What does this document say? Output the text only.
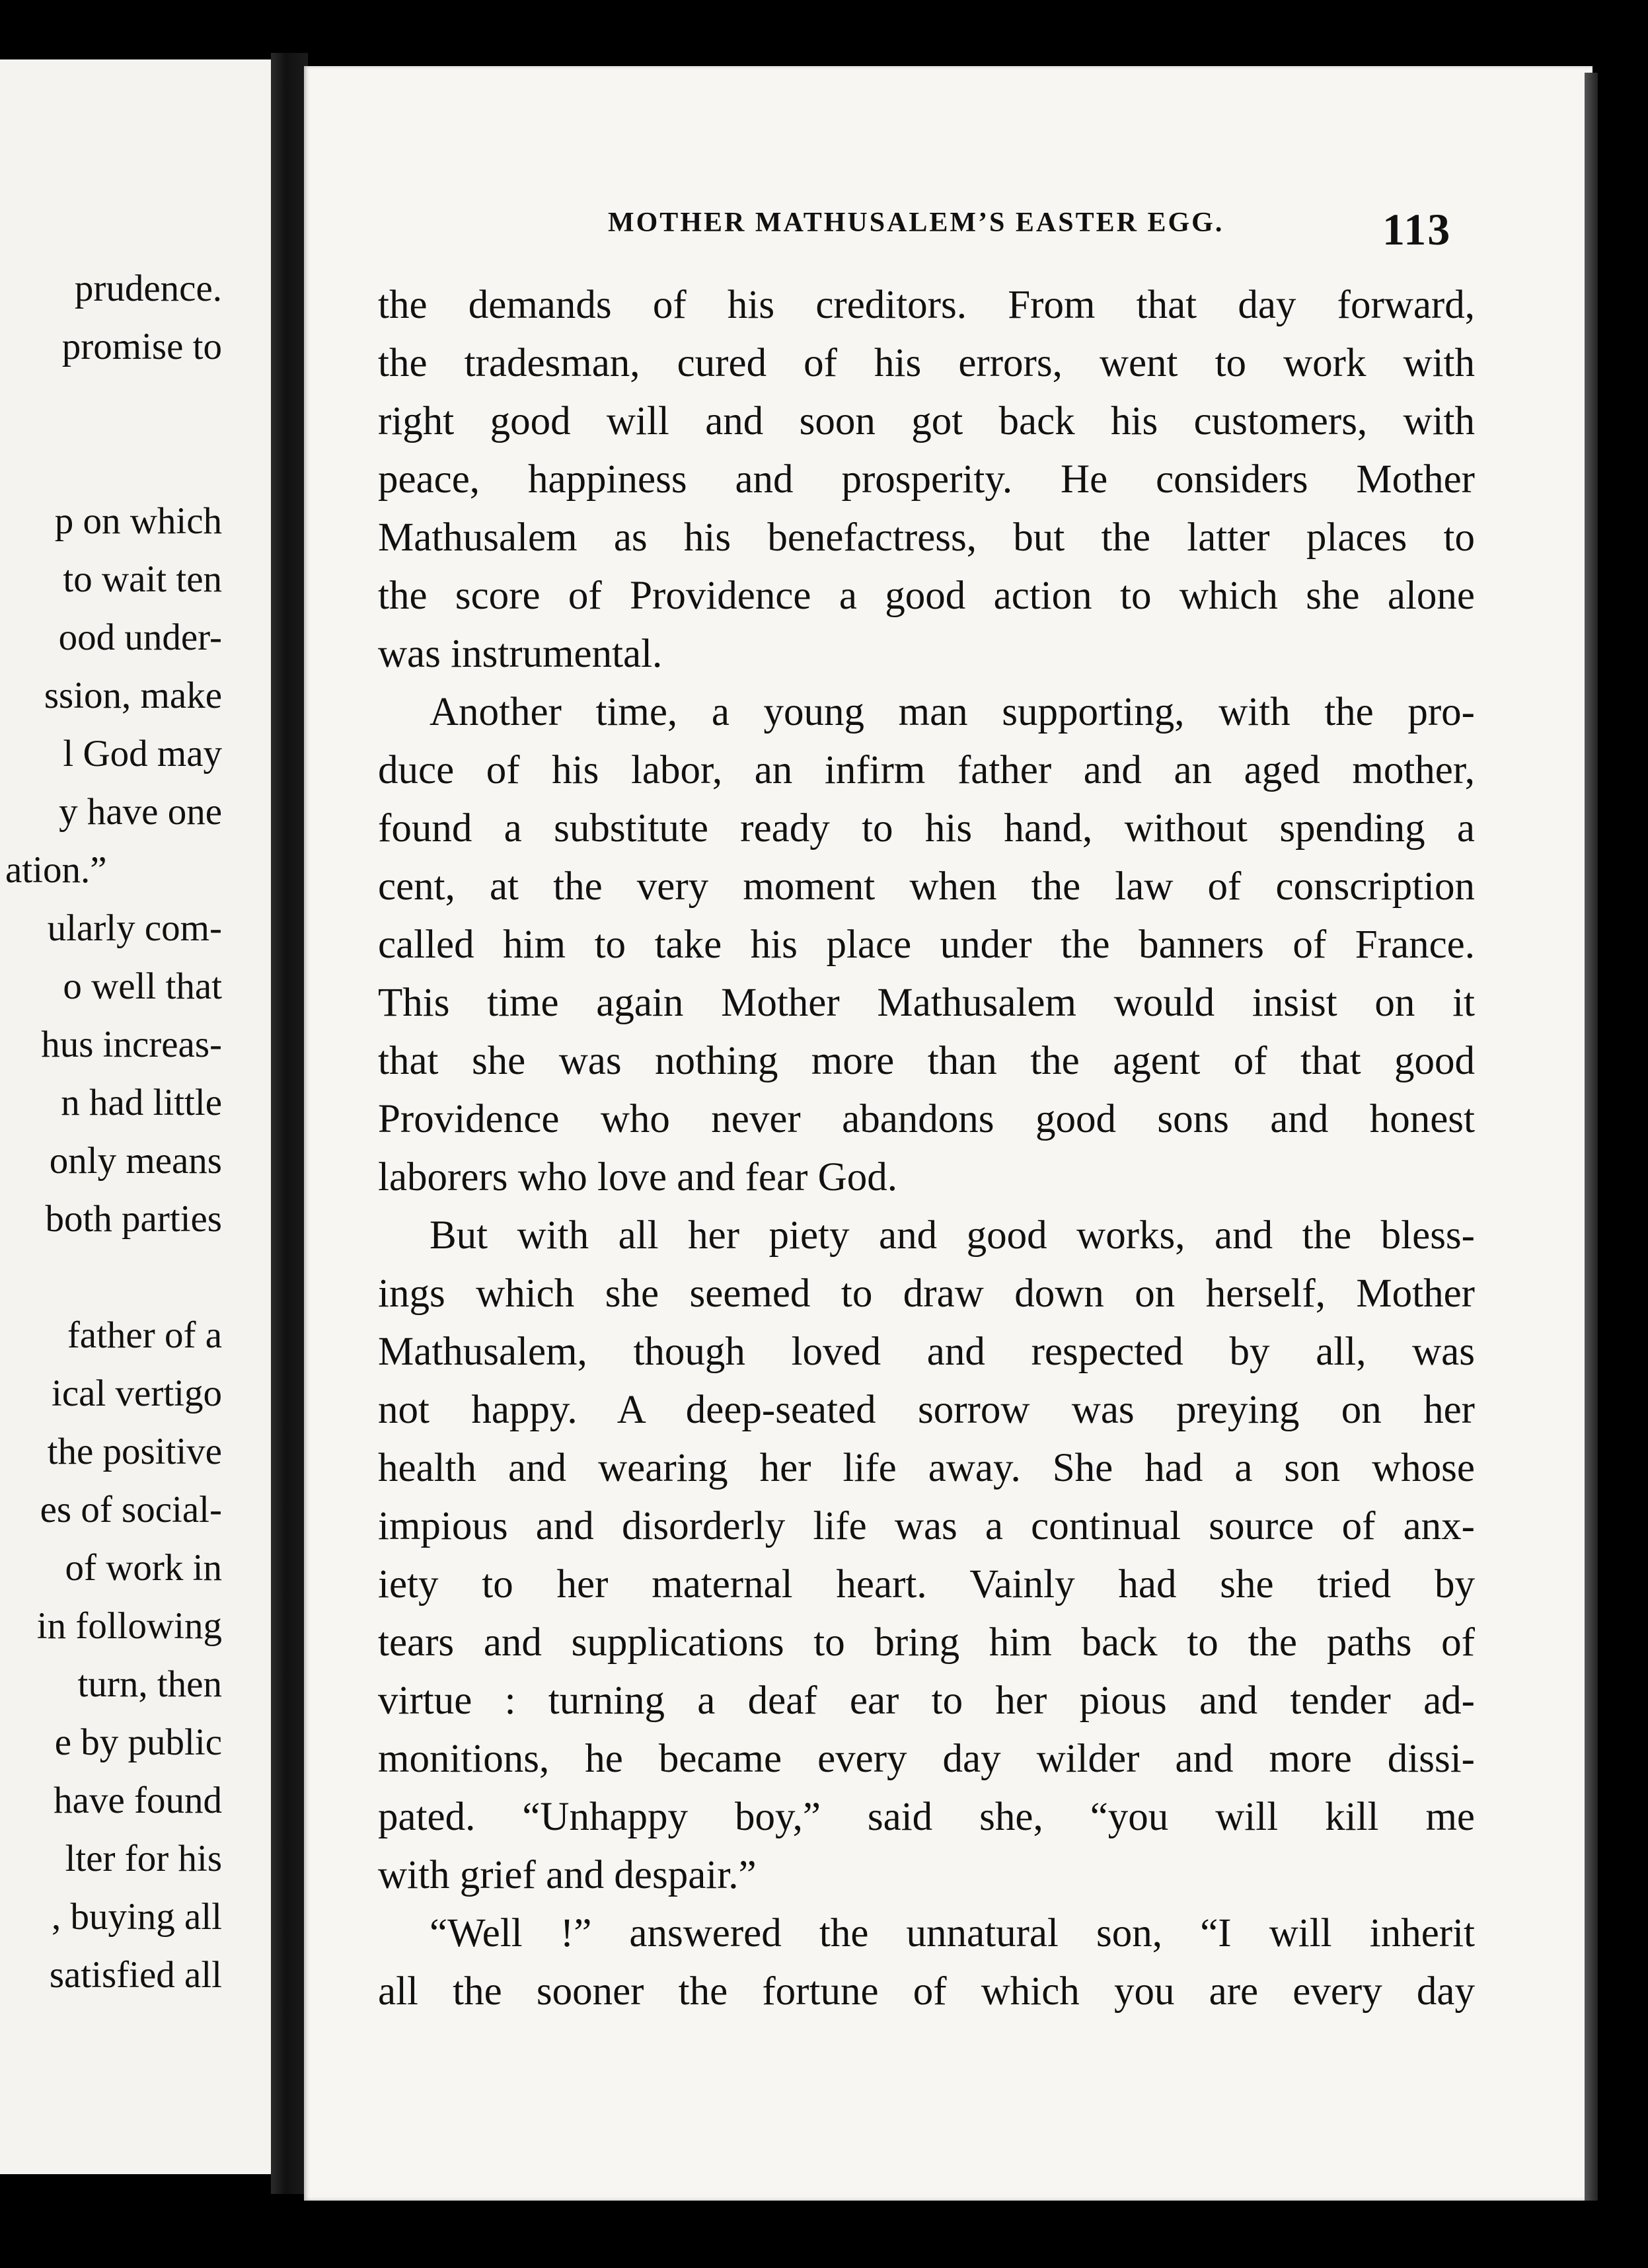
prudence.
promise to
p on which
to wait ten
ood under-
ssion, make
l God may
y have one
ation.”
ularly com-
o well that
hus increas-
n had little
only means
both parties
father of a
ical vertigo
the positive
es of social-
of work in
in following
turn, then
e by public
have found
lter for his
, buying all
satisfied all
MOTHER MATHUSALEM’S EASTER EGG.	113
the demands of his creditors. From that day forward,
the tradesman, cured of his errors, went to work with
right good will and soon got back his customers, with
peace, happiness and prosperity. He considers Mother
Mathusalem as his benefactress, but the latter places to
the score of Providence a good action to which she alone
was instrumental.
Another time, a young man supporting, with the pro-
duce of his labor, an infirm father and an aged mother,
found a substitute ready to his hand, without spending a
cent, at the very moment when the law of conscription
called him to take his place under the banners of France.
This time again Mother Mathusalem would insist on it
that she was nothing more than the agent of that good
Providence who never abandons good sons and honest
laborers who love and fear God.
But with all her piety and good works, and the bless-
ings which she seemed to draw down on herself, Mother
Mathusalem, though loved and respected by all, was
not happy. A deep-seated sorrow was preying on her
health and wearing her life away. She had a son whose
impious and disorderly life was a continual source of anx-
iety to her maternal heart. Vainly had she tried by
tears and supplications to bring him back to the paths of
virtue : turning a deaf ear to her pious and tender ad-
monitions, he became every day wilder and more dissi-
pated. “Unhappy boy,” said she, “you will kill me
with grief and despair.”
“Well !” answered the unnatural son, “I will inherit
all the sooner the fortune of which you are every day
